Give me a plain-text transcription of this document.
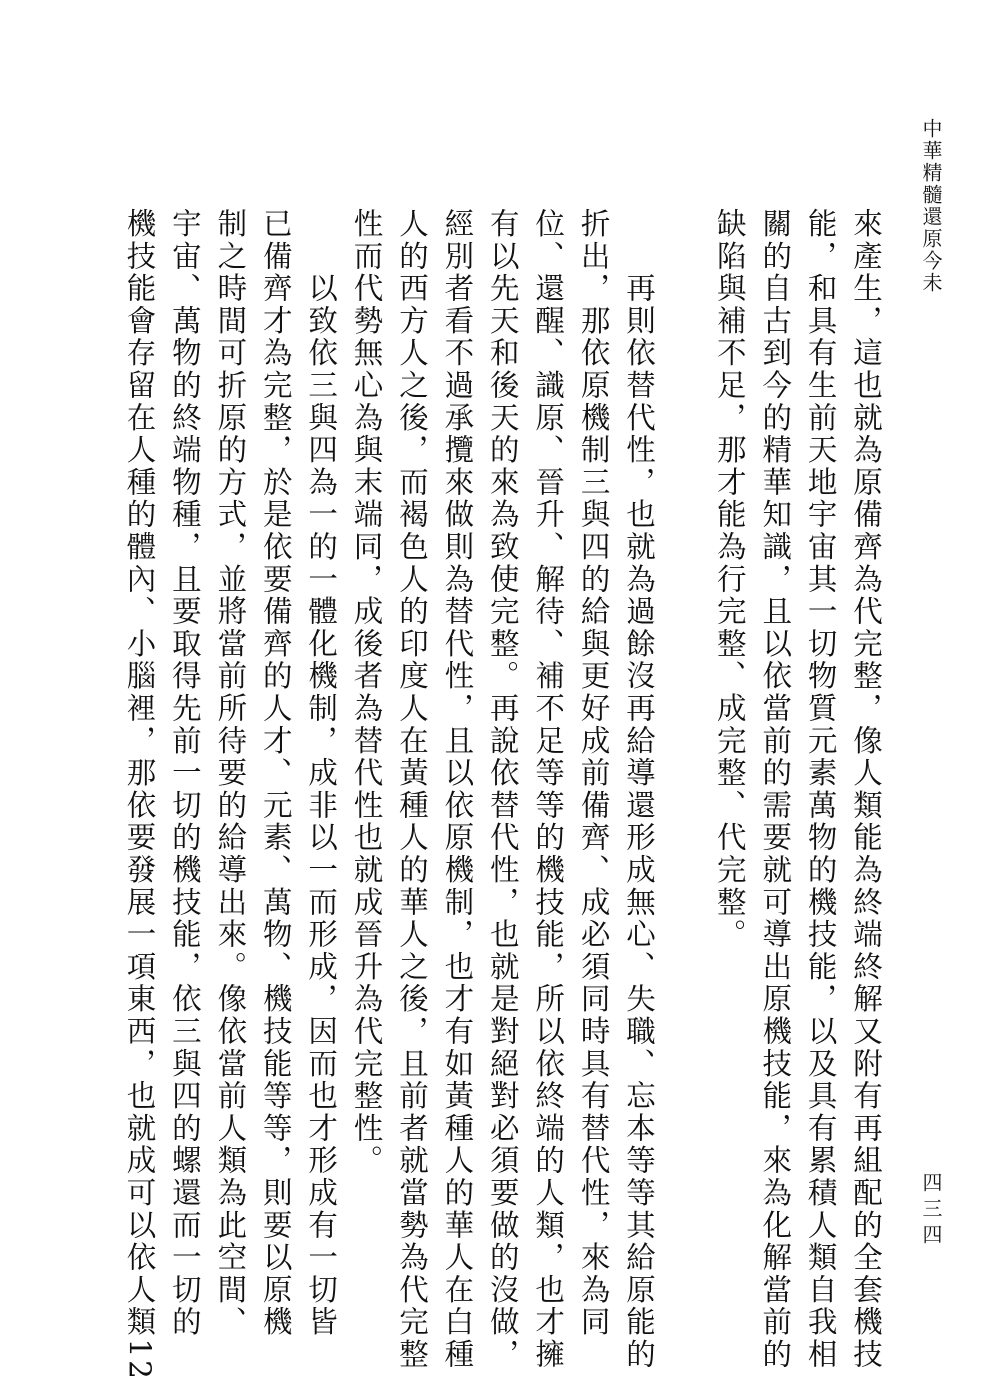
中華精髓還原今未
來產生，這也就為原備齊為代完整，像人類能為終端終解又附有再組配的全套機技
能，和具有生前天地宇宙其一切物質元素萬物的機技能，以及具有累積人類自我相
關的自古到今的精華知識，且以依當前的需要就可導出原機技能，來為化解當前的
缺陷與補不足，那才能為行完整、成完整、代完整。
　　再則依替代性，也就為過餘沒再給導還形成無心、失職、忘本等等其給原能的
折出，那依原機制三與四的給與更好成前備齊、成必須同時具有替代性，來為同
位、還醒、識原、晉升、解待、補不足等等的機技能，所以依終端的人類，也才擁
有以先天和後天的來為致使完整。再說依替代性，也就是對絕對必須要做的沒做，
經別者看不過承攬來做則為替代性，且以依原機制，也才有如黃種人的華人在白種
人的西方人之後，而褐色人的印度人在黃種人的華人之後，且前者就當勢為代完整
性而代勢無心為與末端同，成後者為替代性也就成晉升為代完整性。
　　以致依三與四為一的一體化機制，成非以一而形成，因而也才形成有一切皆
已備齊才為完整，於是依要備齊的人才、元素、萬物、機技能等等，則要以原機
制之時間可折原的方式，並將當前所待要的給導出來。像依當前人類為此空間、
宇宙、萬物的終端物種，且要取得先前一切的機技能，依三與四的螺還而一切的
機技能會存留在人種的體內、小腦裡，那依要發展一項東西，也就成可以依人類12	四三四
